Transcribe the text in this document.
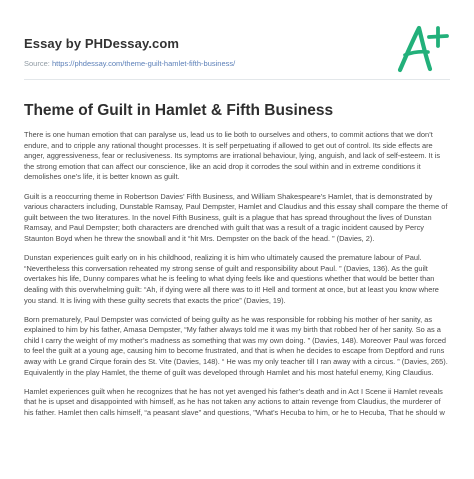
Essay by PHDessay.com
Source: https://phdessay.com/theme-guilt-hamlet-fifth-business/
Theme of Guilt in Hamlet & Fifth Business

There is one human emotion that can paralyse us, lead us to lie both to ourselves and others, to commit actions that we don’t endure, and to cripple any rational thought processes. It is self perpetuating if allowed to get out of control. Its side effects are anger, aggressiveness, fear or reclusiveness. Its symptoms are irrational behaviour, lying, anguish, and lack of self-esteem. It is the strong emotion that can affect our conscience, like an acid drop it corrodes the soul within and in extreme conditions it demolishes one’s life, it is better known as guilt.

Guilt is a reoccurring theme in Robertson Davies’ Fifth Business, and William Shakespeare’s Hamlet, that is demonstrated by various characters including, Dunstable Ramsay, Paul Dempster, Hamlet and Claudius and this essay shall compare the theme of guilt between the two literatures. In the novel Fifth Business, guilt is a plague that has spread throughout the lives of Dunstan Ramsay, and Paul Dempster; both characters are drenched with guilt that was a result of a tragic incident caused by Percy Staunton Boyd when he threw the snowball and it “hit Mrs. Dempster on the back of the head. ” (Davies, 2).

Dunstan experiences guilt early on in his childhood, realizing it is him who ultimately caused the premature labour of Paul. “Nevertheless this conversation reheated my strong sense of guilt and responsibility about Paul. ” (Davies, 136). As the guilt overtakes his life, Dunny compares what he is feeling to what dying feels like and questions whether that would be better than dealing with this overwhelming guilt: “Ah, if dying were all there was to it! Hell and torment at once, but at least you know where you stand. It is living with these guilty secrets that exacts the price” (Davies, 19).

Born prematurely, Paul Dempster was convicted of being guilty as he was responsible for robbing his mother of her sanity, as explained to him by his father, Amasa Dempster, “My father always told me it was my birth that robbed her of her sanity. So as a child I carry the weight of my mother’s madness as something that was my own doing. ” (Davies, 148). Moreover Paul was forced to feel the guilt at a young age, causing him to become frustrated, and that is when he decides to escape from Deptford and runs away with Le grand Cirque forain des St. Vite (Davies, 148). “ He was my only teacher till I ran away with a circus. ” (Davies, 265). Equivalently in the play Hamlet, the theme of guilt was developed through Hamlet and his most hateful enemy, King Claudius.

Hamlet experiences guilt when he recognizes that he has not yet avenged his father’s death and in Act I Scene ii Hamlet reveals that he is upset and disappointed with himself, as he has not taken any actions to attain revenge from Claudius, the murderer of his father. Hamlet then calls himself, “a peasant slave” and questions, "What's Hecuba to him, or he to Hecuba, That he should w
